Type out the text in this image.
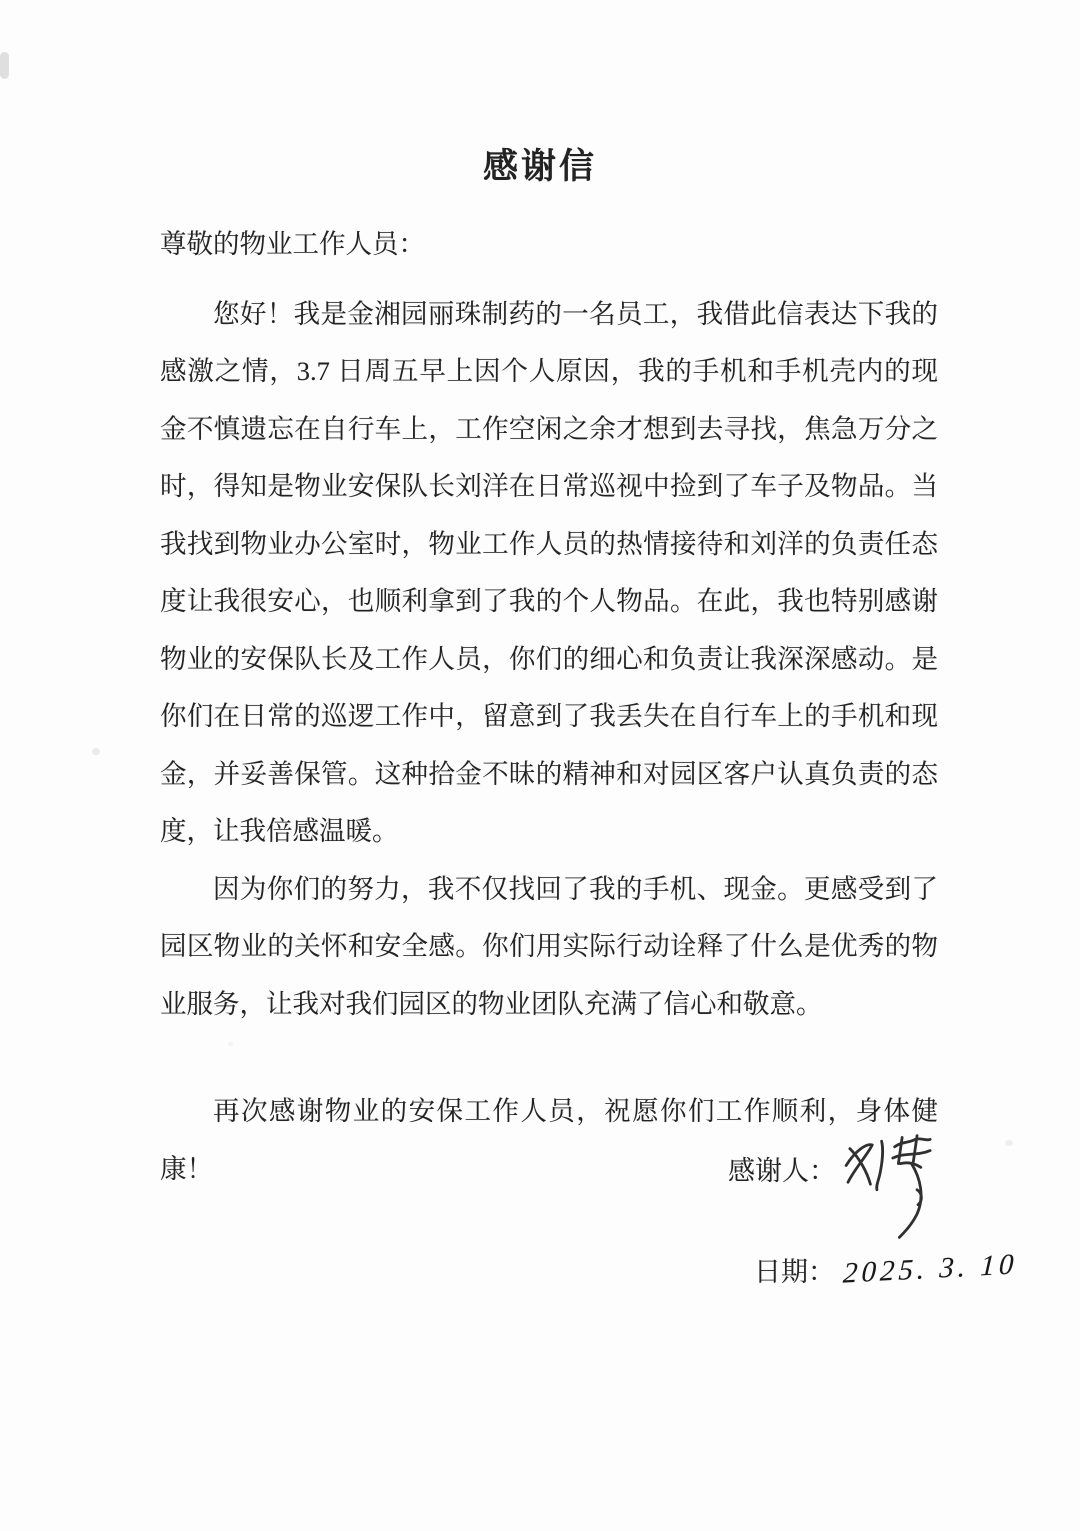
感谢信

尊敬的物业工作人员：

您好！我是金湘园丽珠制药的一名员工，我借此信表达下我的感激之情，3.7 日周五早上因个人原因，我的手机和手机壳内的现金不慎遗忘在自行车上，工作空闲之余才想到去寻找，焦急万分之时，得知是物业安保队长刘洋在日常巡视中捡到了车子及物品。当我找到物业办公室时，物业工作人员的热情接待和刘洋的负责任态度让我很安心，也顺利拿到了我的个人物品。在此，我也特别感谢物业的安保队长及工作人员，你们的细心和负责让我深深感动。是你们在日常的巡逻工作中，留意到了我丢失在自行车上的手机和现金，并妥善保管。这种拾金不昧的精神和对园区客户认真负责的态度，让我倍感温暖。

因为你们的努力，我不仅找回了我的手机、现金。更感受到了园区物业的关怀和安全感。你们用实际行动诠释了什么是优秀的物业服务，让我对我们园区的物业团队充满了信心和敬意。

再次感谢物业的安保工作人员，祝愿你们工作顺利，身体健康！	感谢人：
日期： 2025. 3. 10
